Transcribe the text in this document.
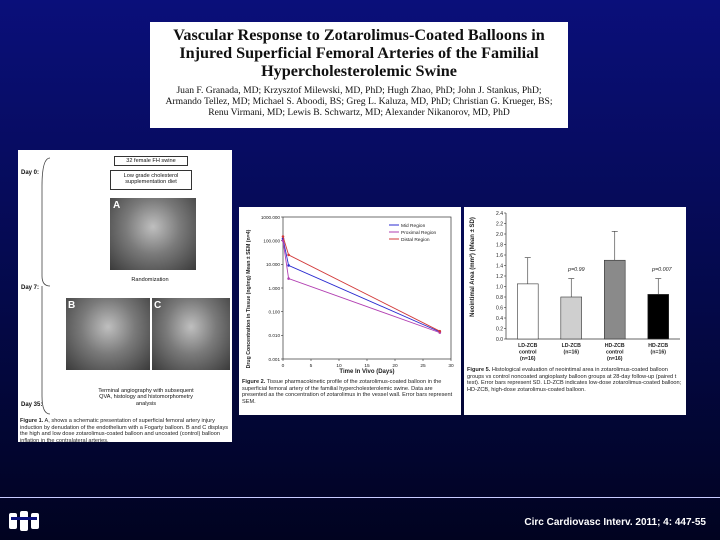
Vascular Response to Zotarolimus-Coated Balloons in Injured Superficial Femoral Arteries of the Familial Hypercholesterolemic Swine
Juan F. Granada, MD; Krzysztof Milewski, MD, PhD; Hugh Zhao, PhD; John J. Stankus, PhD; Armando Tellez, MD; Michael S. Aboodi, BS; Greg L. Kaluza, MD, PhD; Christian G. Krueger, BS; Renu Virmani, MD; Lewis B. Schwartz, MD; Alexander Nikanorov, MD, PhD
Day 0:
Day 7:
Day 35:
32 female FH swine
Low grade cholesterol supplementation diet
A
Randomization
B	C
Terminal angiography with subsequent QVA, histology and histomorphometry analysis
Figure 1. A, shows a schematic presentation of superficial femoral artery injury induction by denudation of the endothelium with a Fogarty balloon. B and C displays the high and low dose zotarolimus-coated balloon and uncoated (control) balloon inflation in the contralateral arteries.
Drug Concentration in Tissue (ng/mg) Mean ± SEM (n=4)
Time In Vivo (Days)
1000.000
100.000
10.000
1.000
0.100
0.010
0.001
0	5	10	15	20	25	30
Mid Region
Proximal Region
Distal Region
Figure 2. Tissue pharmacokinetic profile of the zotarolimus-coated balloon in the superficial femoral artery of the familial hypercholesterolemic swine. Data are presented as the concentration of zotarolimus in the vessel wall. Error bars represent SEM.
Neointimal Area (mm²) (Mean ± SD)	p=0.99	p=0.007
0.0
0.2
0.4
0.6
0.8
1.0
1.2
1.4
1.6
1.8
2.0
2.2
2.4
LD-ZCB
control
(n=16)
LD-ZCB
(n=16)
HD-ZCB
control
(n=16)
HD-ZCB
(n=16)
Figure 5. Histological evaluation of neointimal area in zotarolimus-coated balloon groups vs control noncoated angioplasty balloon groups at 28-day follow-up (paired t test). Error bars represent SD. LD-ZCB indicates low-dose zotarolimus-coated balloon; HD-ZCB, high-dose zotarolimus-coated balloon.
Circ Cardiovasc Interv. 2011; 4: 447-55
